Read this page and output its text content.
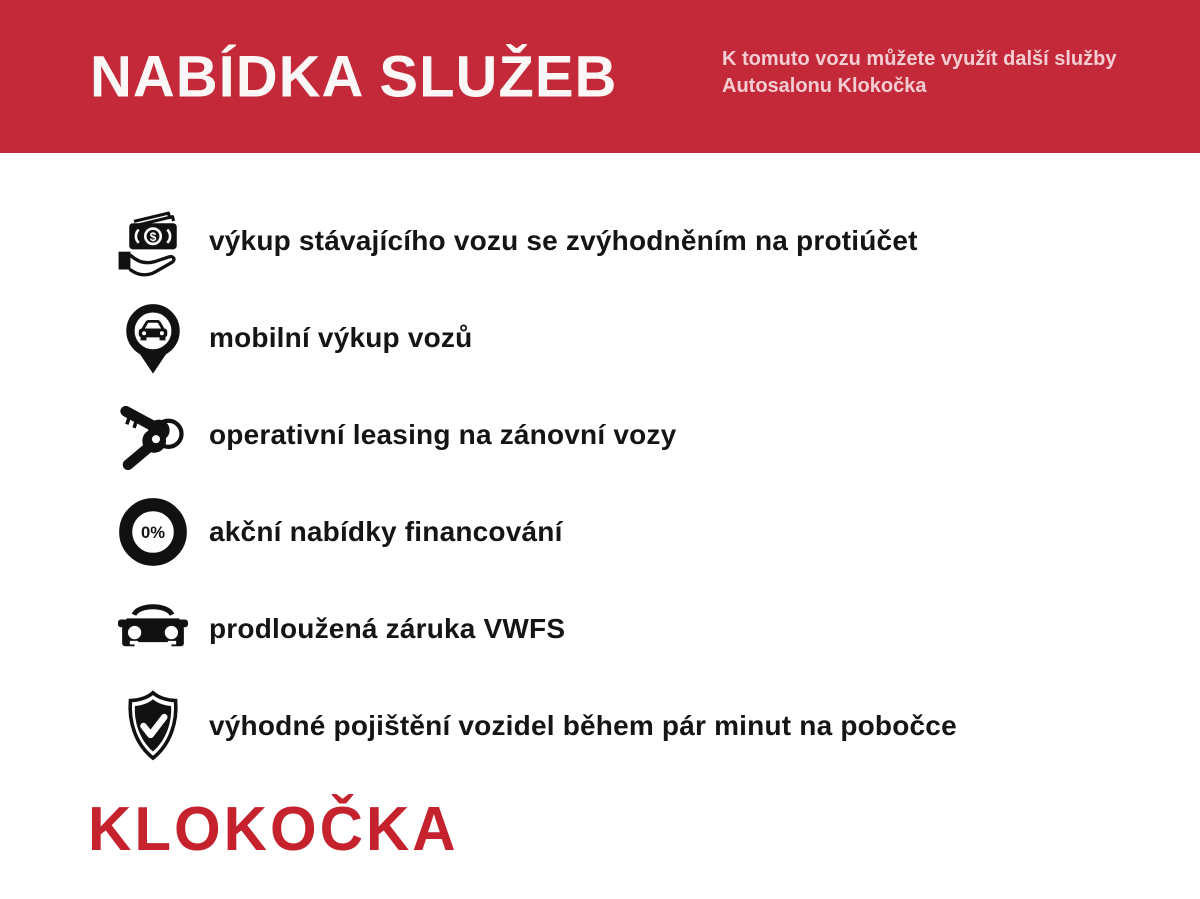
NABÍDKA SLUŽEB	K tomuto vozu můžete využít další služby Autosalonu Klokočka

$ výkup stávajícího vozu se zvýhodněním na protiúčet
mobilní výkup vozů
operativní leasing na zánovní vozy
0% akční nabídky financování
prodloužená záruka VWFS
výhodné pojištění vozidel během pár minut na pobočce
KLOKOČKA
